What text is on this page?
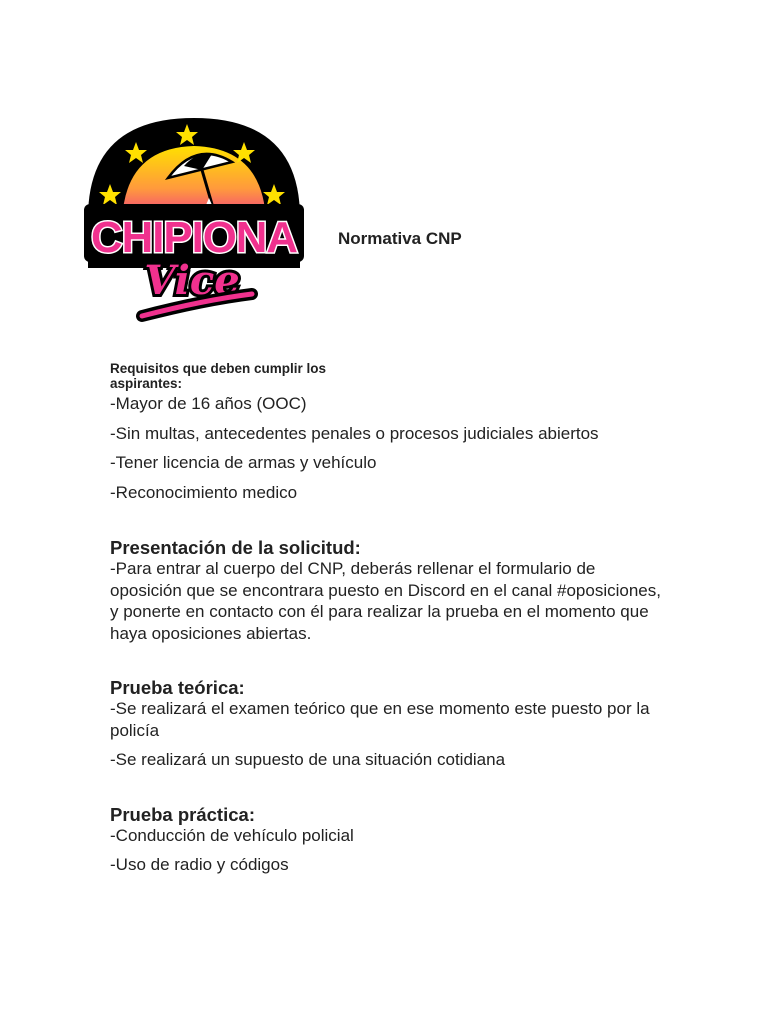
CHIPIONA
Vice
Normativa CNP

Requisitos que deben cumplir los aspirantes:

-Mayor de 16 años (OOC)

-Sin multas, antecedentes penales o procesos judiciales abiertos

-Tener licencia de armas y vehículo

-Reconocimiento medico

Presentación de la solicitud:

-Para entrar al cuerpo del CNP, deberás rellenar el formulario de oposición que se encontrara puesto en Discord en el canal #oposiciones, y ponerte en contacto con él para realizar la prueba en el momento que haya oposiciones abiertas.

Prueba teórica:

-Se realizará el examen teórico que en ese momento este puesto por la policía

-Se realizará un supuesto de una situación cotidiana

Prueba práctica:

-Conducción de vehículo policial

-Uso de radio y códigos
